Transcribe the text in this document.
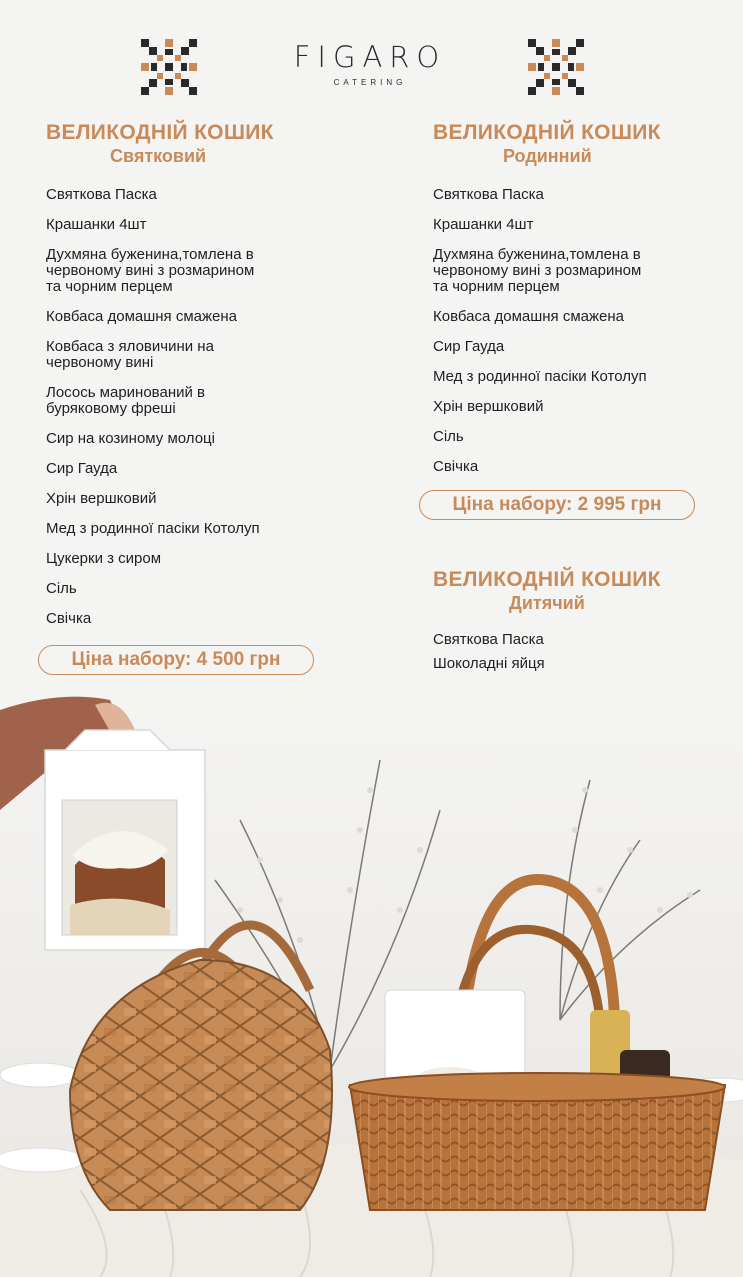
FIGARO
CATERING
ВЕЛИКОДНІЙ КОШИК
Святковий
Святкова Паска
Крашанки 4шт
Духмяна буженина,томлена в
червоному вині з розмарином
та чорним перцем
Ковбаса домашня смажена
Ковбаса з яловичини на
червоному вині
Лосось маринований в
буряковому фреші
Сир на козиному молоці
Сир Гауда
Хрін вершковий
Мед з родинної пасіки Котолуп
Цукерки з сиром
Сіль
Свічка
Ціна набору: 4 500 грн
ВЕЛИКОДНІЙ КОШИК
Родинний
Святкова Паска
Крашанки 4шт
Духмяна буженина,томлена в
червоному вині з розмарином
та чорним перцем
Ковбаса домашня смажена
Сир Гауда
Мед з родинної пасіки Котолуп
Хрін вершковий
Сіль
Свічка
Ціна набору: 2 995 грн
ВЕЛИКОДНІЙ КОШИК
Дитячий
Святкова Паска
Шоколадні яйця
